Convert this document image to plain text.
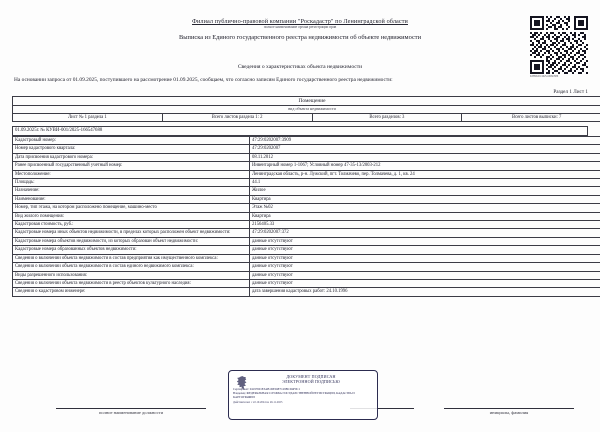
КУВИ-001/2025-166547688
Филиал публично-правовой компании "Роскадастр" по Ленинградской области
полное наименование органа регистрации прав
Выписка из Единого государственного реестра недвижимости об объекте недвижимости
Сведения о характеристиках объекта недвижимости
На основании запроса от 01.09.2025, поступившего на рассмотрение 01.09.2025, сообщаем, что согласно записям Единого государственного реестра недвижимости:
Раздел 1 Лист 1
Помещение
вид объекта недвижимости
Лист № 1 раздела 1	Всего листов раздела 1: 2	Всего разделов: 3	Всего листов выписки: 7
01.09.2025г. № КУВИ-001/2025-166547688
Кадастровый номер:	47:29:0202007:3909
Номер кадастрового квартала:	47:29:0202007
Дата присвоения кадастрового номера:	08.11.2012
Ранее присвоенный государственный учетный номер:	Инвентарный номер 1-1067; Условный номер 47-35-13/2003-212
Местоположение:	Ленинградская область, р-н. Лужский, пгт. Толмачево, пер. Толмачева, д. 1, кв. 24
Площадь:	44.1
Назначение:	Жилое
Наименование:	Квартира
Номер, тип этажа, на котором расположено помещение, машино-место	Этаж №02
Вид жилого помещения:	Квартира
Кадастровая стоимость, руб.:	2156405.33
Кадастровые номера иных объектов недвижимости, в пределах которых расположен объект недвижимости:	47:29:0202007:372
Кадастровые номера объектов недвижимости, из которых образован объект недвижимости:	данные отсутствуют
Кадастровые номера образованных объектов недвижимости:	данные отсутствуют
Сведения о включении объекта недвижимости в состав предприятия как имущественного комплекса:	данные отсутствуют
Сведения о включении объекта недвижимости в состав единого недвижимого комплекса:	данные отсутствуют
Виды разрешенного использования:	данные отсутствуют
Сведения о включении объекта недвижимости в реестр объектов культурного наследия:	данные отсутствуют
Сведения о кадастровом инженере:	дата завершения кадастровых работ: 24.10.1996
полное наименование должности	инициалы, фамилия
ДОКУМЕНТ ПОДПИСАН
ЭЛЕКТРОННОЙ ПОДПИСЬЮ
Сертификат: 04197601E3AB1DE04E7129BCD4F0C1
Владелец: ФЕДЕРАЛЬНАЯ СЛУЖБА ГОСУДАРСТВЕННОЙ РЕГИСТРАЦИИ, КАДАСТРА И КАРТОГРАФИИ
Действителен: с 22.10.2024 по 26.11.2025
